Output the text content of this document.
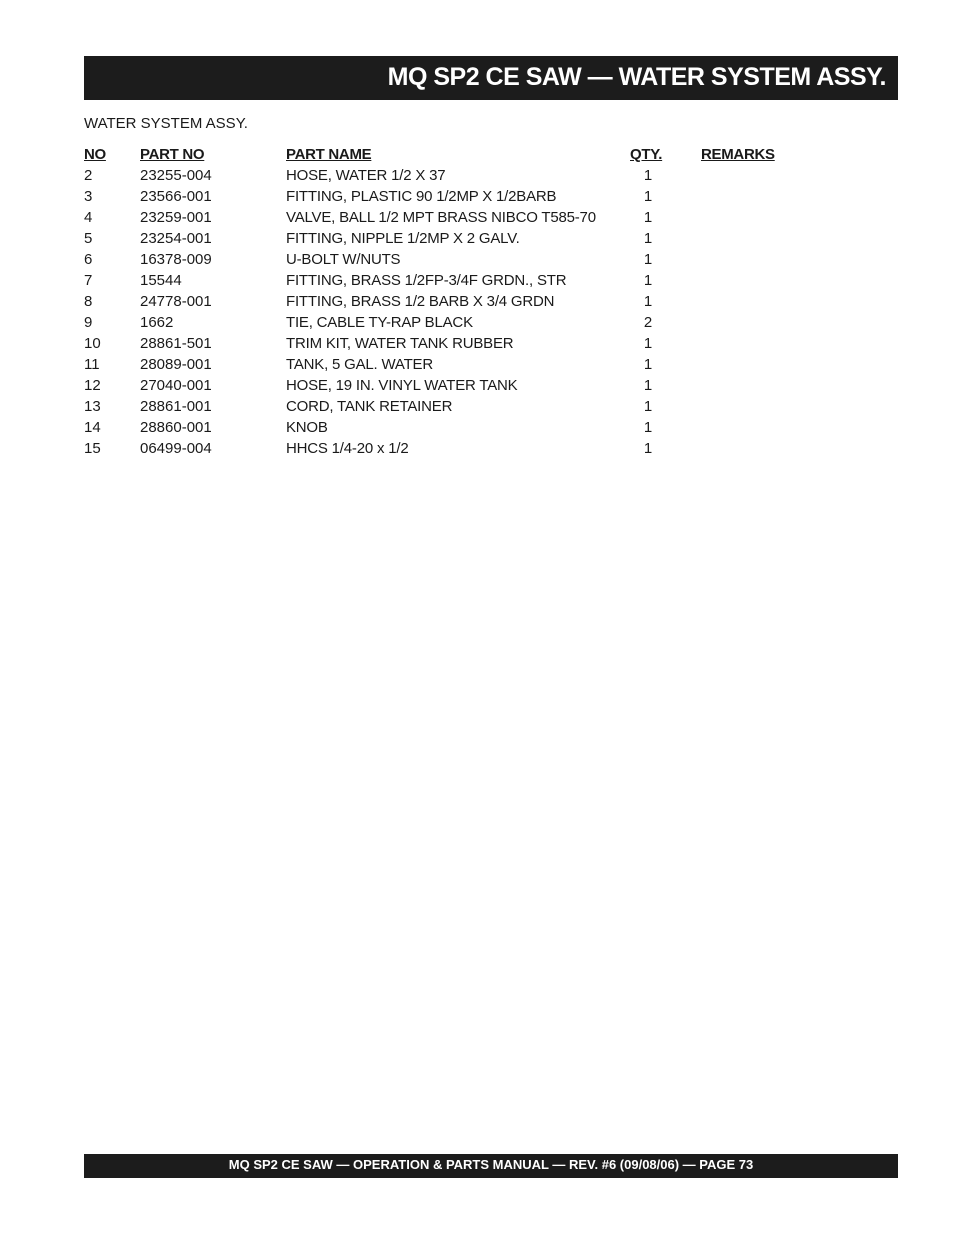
MQ SP2 CE SAW — WATER SYSTEM ASSY.
WATER SYSTEM ASSY.
NO PART NO	PART NAME	QTY.	REMARKS
2	23255-004	HOSE, WATER 1/2 X 37	1
3	23566-001	FITTING, PLASTIC 90 1/2MP X 1/2BARB	1
4	23259-001	VALVE, BALL 1/2 MPT BRASS NIBCO T585-70	1
5	23254-001	FITTING, NIPPLE 1/2MP X 2 GALV.	1
6	16378-009	U-BOLT W/NUTS	1
7	15544	FITTING, BRASS 1/2FP-3/4F GRDN., STR	1
8	24778-001	FITTING, BRASS 1/2 BARB X 3/4 GRDN	1
9	1662	TIE, CABLE TY-RAP BLACK	2
10	28861-501	TRIM KIT, WATER TANK RUBBER	1
11	28089-001	TANK, 5 GAL. WATER	1
12	27040-001	HOSE, 19 IN. VINYL WATER TANK	1
13	28861-001	CORD, TANK RETAINER	1
14	28860-001	KNOB	1
15	06499-004	HHCS 1/4-20 x 1/2	1
MQ SP2 CE SAW — OPERATION & PARTS MANUAL — REV. #6 (09/08/06) — PAGE 73
